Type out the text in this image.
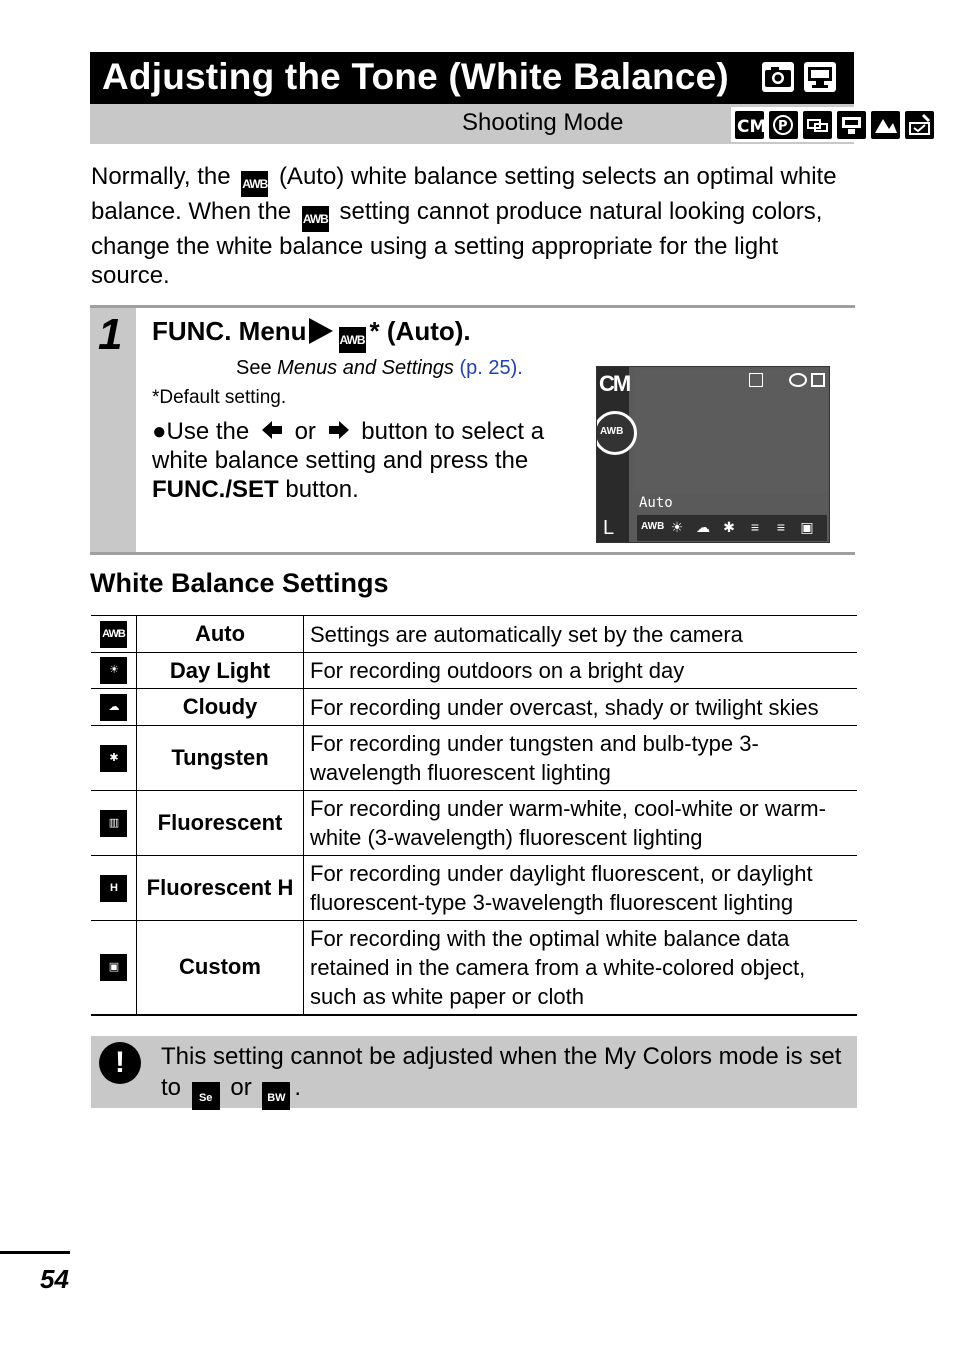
Adjusting the Tone (White Balance)
Shooting Mode	CM P
Normally, the AWB (Auto) white balance setting selects an optimal white balance. When the AWB setting cannot produce natural looking colors, change the white balance using a setting appropriate for the light source.
1 FUNC. Menu	AWB * (Auto).
See Menus and Settings (p. 25).
*Default setting.
●Use the or button to select a white balance setting and press the FUNC./SET button.
CM
AWB
L
Auto
AWB ☀ ☁ ✱	≡	≡	▣
White Balance Settings
AWB	Auto	Settings are automatically set by the camera
☀	Day Light	For recording outdoors on a bright day
☁	Cloudy	For recording under overcast, shady or twilight skies
✱	Tungsten	For recording under tungsten and bulb-type 3-wavelength fluorescent lighting
▥	Fluorescent	For recording under warm-white, cool-white or warm-white (3-wavelength) fluorescent lighting
H	Fluorescent H	For recording under daylight fluorescent, or daylight fluorescent-type 3-wavelength fluorescent lighting
▣	Custom	For recording with the optimal white balance data retained in the camera from a white-colored object, such as white paper or cloth
!	This setting cannot be adjusted when the My Colors mode is set to Se or BW .
54
